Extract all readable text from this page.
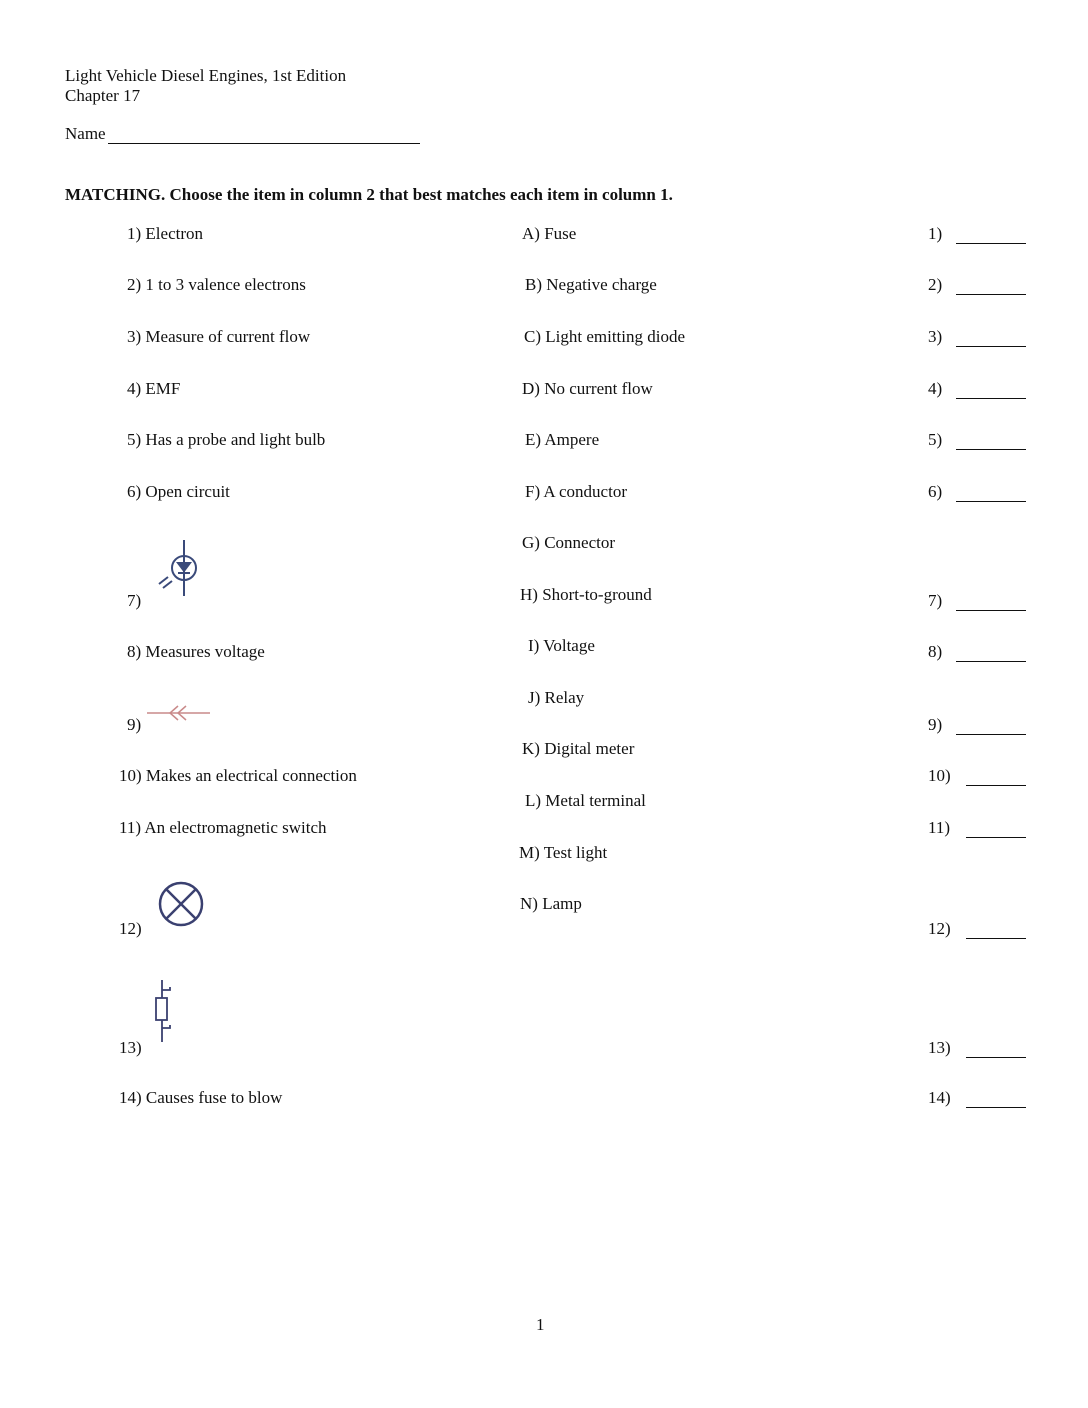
Light Vehicle Diesel Engines, 1st Edition
Chapter 17
Name
MATCHING. Choose the item in column 2 that best matches each item in column 1.
1
1) Electron
2) 1 to 3 valence electrons
3) Measure of current flow
4) EMF
5) Has a probe and light bulb
6) Open circuit
7)
8) Measures voltage
9)
10) Makes an electrical connection
11) An electromagnetic switch
12)
13)
14) Causes fuse to blow
A) Fuse
B) Negative charge
C) Light emitting diode
D) No current flow
E) Ampere
F) A conductor
G) Connector
H) Short-to-ground
I) Voltage
J) Relay
K) Digital meter
L) Metal terminal
M) Test light
N) Lamp
1)
2)
3)
4)
5)
6)
7)
8)
9)
10)
11)
12)
13)
14)
